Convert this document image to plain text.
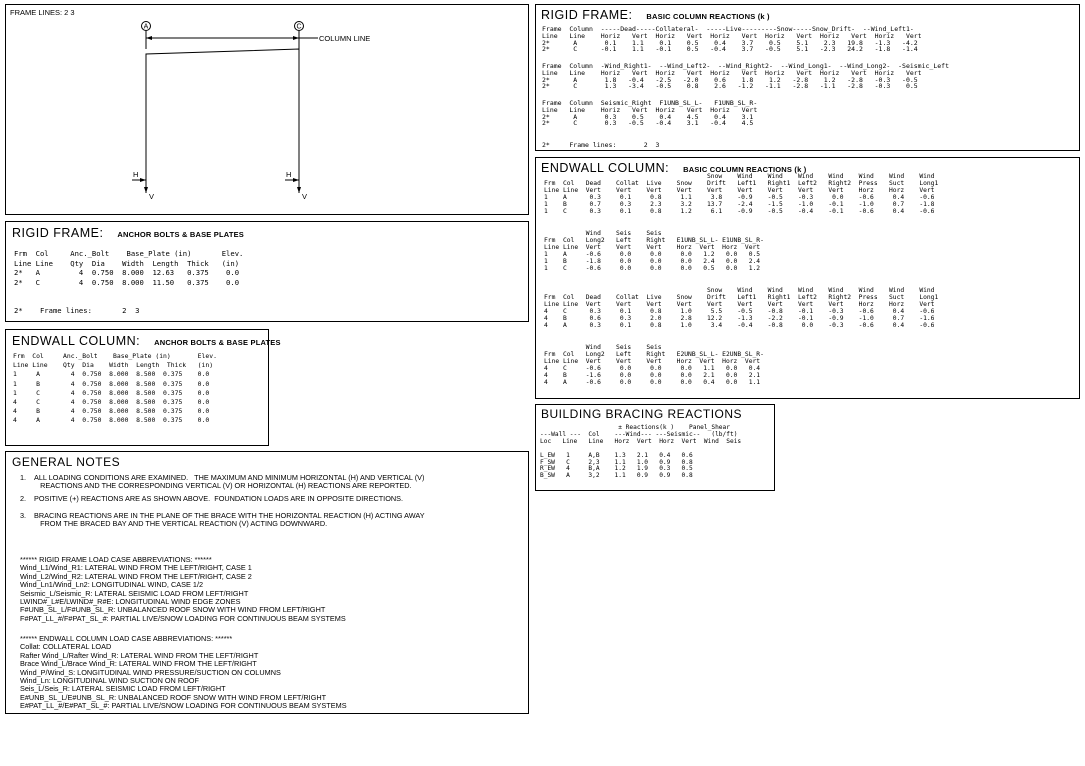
FRAME LINES: 2 3
A	C
COLUMN LINE
H
V
H
V
RIGID FRAME: ANCHOR BOLTS & BASE PLATES
Frm  Col     Anc._Bolt    Base_Plate (in)       Elev.
Line Line    Qty  Dia    Width  Length  Thick   (in)
2*   A         4  0.750  8.000  12.63   0.375    0.0
2*   C         4  0.750  8.000  11.50   0.375    0.0
2*    Frame lines:       2  3
ENDWALL COLUMN: ANCHOR BOLTS & BASE PLATES
Frm  Col     Anc._Bolt    Base_Plate (in)       Elev.
Line Line    Qty  Dia    Width  Length  Thick   (in)
1     A        4  0.750  8.000  8.500  0.375    0.0
1     B        4  0.750  8.000  8.500  0.375    0.0
1     C        4  0.750  8.000  8.500  0.375    0.0
4     C        4  0.750  8.000  8.500  0.375    0.0
4     B        4  0.750  8.000  8.500  0.375    0.0
4     A        4  0.750  8.000  8.500  0.375    0.0
GENERAL NOTES
1. ALL LOADING CONDITIONS ARE EXAMINED.   THE MAXIMUM AND MINIMUM HORIZONTAL (H) AND VERTICAL (V)
REACTIONS AND THE CORRESPONDING VERTICAL (V) OR HORIZONTAL (H) REACTIONS ARE REPORTED.
2. POSITIVE (+) REACTIONS ARE AS SHOWN ABOVE.  FOUNDATION LOADS ARE IN OPPOSITE DIRECTIONS.
3. BRACING REACTIONS ARE IN THE PLANE OF THE BRACE WITH THE HORIZONTAL REACTION (H) ACTING AWAY
FROM THE BRACED BAY AND THE VERTICAL REACTION (V) ACTING DOWNWARD.
****** RIGID FRAME LOAD CASE ABBREVIATIONS: ******
Wind_L1/Wind_R1: LATERAL WIND FROM THE LEFT/RIGHT, CASE 1
Wind_L2/Wind_R2: LATERAL WIND FROM THE LEFT/RIGHT, CASE 2
Wind_Ln1/Wind_Ln2: LONGITUDINAL WIND, CASE 1/2
Seismic_L/Seismic_R: LATERAL SEISMIC LOAD FROM LEFT/RIGHT
LWIND#_L#E/LWIND#_R#E: LONGITUDINAL WIND EDGE ZONES
F#UNB_SL_L/F#UNB_SL_R: UNBALANCED ROOF SNOW WITH WIND FROM LEFT/RIGHT
F#PAT_LL_#/F#PAT_SL_#: PARTIAL LIVE/SNOW LOADING FOR CONTINUOUS BEAM SYSTEMS
****** ENDWALL COLUMN LOAD CASE ABBREVIATIONS: ******
Collat: COLLATERAL LOAD
Rafter Wind_L/Rafter Wind_R: LATERAL WIND FROM THE LEFT/RIGHT
Brace Wind_L/Brace Wind_R: LATERAL WIND FROM THE LEFT/RIGHT
Wind_P/Wind_S: LONGITUDINAL WIND PRESSURE/SUCTION ON COLUMNS
Wind_Ln: LONGITUDINAL WIND SUCTION ON ROOF
Seis_L/Seis_R: LATERAL SEISMIC LOAD FROM LEFT/RIGHT
E#UNB_SL_L/E#UNB_SL_R: UNBALANCED ROOF SNOW WITH WIND FROM LEFT/RIGHT
E#PAT_LL_#/E#PAT_SL_#: PARTIAL LIVE/SNOW LOADING FOR CONTINUOUS BEAM SYSTEMS
RIGID FRAME: BASIC COLUMN REACTIONS (k )
Frame  Column  -----Dead-----Collateral-  -----Live---------Snow-----Snow_Drift-  --Wind_Left1-
Line   Line    Horiz   Vert  Horiz   Vert  Horiz   Vert  Horiz   Vert  Horiz   Vert  Horiz   Vert
2*      A       0.1    1.1    0.1    0.5    0.4    3.7    0.5    5.1    2.3   19.8   -1.3   -4.2
2*      C      -0.1    1.1   -0.1    0.5   -0.4    3.7   -0.5    5.1   -2.3   24.2   -1.8   -1.4
Frame  Column  -Wind_Right1-  --Wind_Left2-  --Wind_Right2-  --Wind_Long1-  --Wind_Long2-  -Seismic_Left
Line   Line    Horiz   Vert  Horiz   Vert  Horiz   Vert  Horiz   Vert  Horiz   Vert  Horiz   Vert
2*      A       1.8   -0.4   -2.5   -2.0    0.6    1.8    1.2   -2.8    1.2   -2.8   -0.3   -0.5
2*      C       1.3   -3.4   -0.5    0.8    2.6   -1.2   -1.1   -2.8   -1.1   -2.8   -0.3    0.5
Frame  Column  Seismic_Right  F1UNB_SL_L-   F1UNB_SL_R-
Line   Line    Horiz   Vert  Horiz   Vert  Horiz   Vert
2*      A       0.3    0.5    0.4    4.5    0.4    3.1
2*      C       0.3   -0.5   -0.4    3.1   -0.4    4.5
2*     Frame lines:       2  3
ENDWALL COLUMN: BASIC COLUMN REACTIONS (k )
Snow    Wind    Wind    Wind    Wind    Wind    Wind    Wind
Frm  Col   Dead    Collat  Live    Snow    Drift   Left1   Right1  Left2   Right2  Press   Suct    Long1
Line Line  Vert    Vert    Vert    Vert    Vert    Vert    Vert    Vert    Vert    Horz    Horz    Vert
1    A      0.3     0.1     0.8     1.1     3.8    -0.9    -0.5    -0.3     0.0    -0.6     0.4    -0.6
1    B      0.7     0.3     2.3     3.2    13.7    -2.4    -1.5    -1.0    -0.1    -1.0     0.7    -1.8
1    C      0.3     0.1     0.8     1.2     6.1    -0.9    -0.5    -0.4    -0.1    -0.6     0.4    -0.6
Wind    Seis    Seis
Frm  Col   Long2   Left    Right   E1UNB_SL_L- E1UNB_SL_R-
Line Line  Vert    Vert    Vert    Horz  Vert  Horz  Vert
1    A     -0.6     0.0     0.0     0.0   1.2   0.0   0.5
1    B     -1.8     0.0     0.0     0.0   2.4   0.0   2.4
1    C     -0.6     0.0     0.0     0.0   0.5   0.0   1.2
Snow    Wind    Wind    Wind    Wind    Wind    Wind    Wind
Frm  Col   Dead    Collat  Live    Snow    Drift   Left1   Right1  Left2   Right2  Press   Suct    Long1
Line Line  Vert    Vert    Vert    Vert    Vert    Vert    Vert    Vert    Vert    Horz    Horz    Vert
4    C      0.3     0.1     0.8     1.0     5.5    -0.5    -0.8    -0.1    -0.3    -0.6     0.4    -0.6
4    B      0.6     0.3     2.0     2.8    12.2    -1.3    -2.2    -0.1    -0.9    -1.0     0.7    -1.6
4    A      0.3     0.1     0.8     1.0     3.4    -0.4    -0.8     0.0    -0.3    -0.6     0.4    -0.6
Wind    Seis    Seis
Frm  Col   Long2   Left    Right   E2UNB_SL_L- E2UNB_SL_R-
Line Line  Vert    Vert    Vert    Horz  Vert  Horz  Vert
4    C     -0.6     0.0     0.0     0.0   1.1   0.0   0.4
4    B     -1.6     0.0     0.0     0.0   2.1   0.0   2.1
4    A     -0.6     0.0     0.0     0.0   0.4   0.0   1.1
BUILDING BRACING REACTIONS
± Reactions(k )    Panel_Shear
---Wall ---  Col    ---Wind--- ---Seismic--   (lb/ft)
Loc   Line   Line   Horz  Vert  Horz  Vert  Wind  Seis

L_EW   1     A,B    1.3   2.1   0.4   0.6
F_SW   C     2,3    1.1   1.0   0.9   0.8
R_EW   4     B,A    1.2   1.9   0.3   0.5
B_SW   A     3,2    1.1   0.9   0.9   0.8
